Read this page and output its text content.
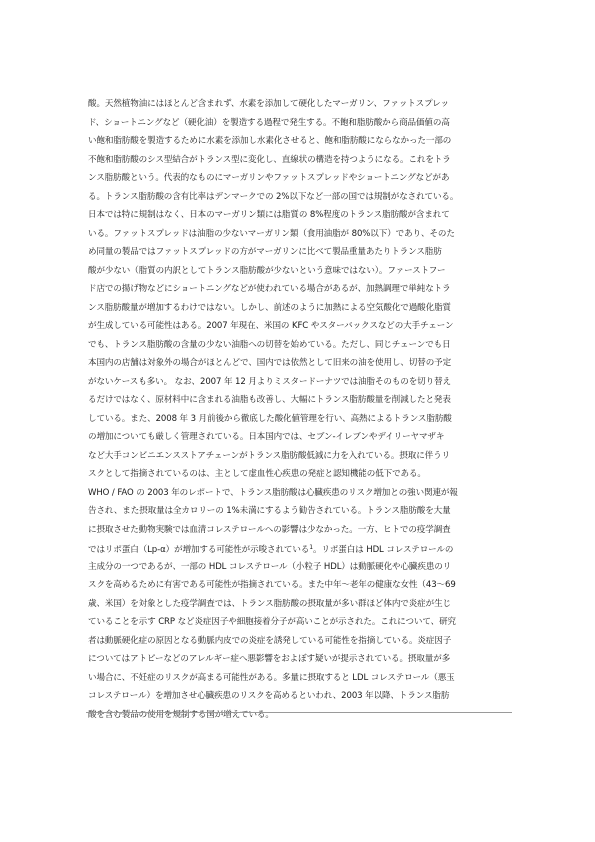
酸。天然植物油にはほとんど含まれず、水素を添加して硬化したマーガリン、ファットスプレッ
ド、ショートニングなど（硬化油）を製造する過程で発生する。不飽和脂肪酸から商品価値の高
い飽和脂肪酸を製造するために水素を添加し水素化させると、飽和脂肪酸にならなかった一部の
不飽和脂肪酸のシス型結合がトランス型に変化し、直線状の構造を持つようになる。これをトラ
ンス脂肪酸という。代表的なものにマーガリンやファットスプレッドやショートニングなどがあ
る。トランス脂肪酸の含有比率はデンマークでの 2%以下など一部の国では規制がなされている。
日本では特に規制はなく、日本のマーガリン類には脂質の 8%程度のトランス脂肪酸が含まれて
いる。ファットスプレッドは油脂の少ないマーガリン類（食用油脂が 80%以下）であり、そのた
め同量の製品ではファットスプレッドの方がマーガリンに比べて製品重量あたりトランス脂肪
酸が少ない（脂質の内訳としてトランス脂肪酸が少ないという意味ではない）。ファーストフー
ド店での揚げ物などにショートニングなどが使われている場合があるが、加熱調理で単純なトラ
ンス脂肪酸量が増加するわけではない。しかし、前述のように加熱による空気酸化で過酸化脂質
が生成している可能性はある。2007 年現在、米国の KFC やスターバックスなどの大手チェーン
でも、トランス脂肪酸の含量の少ない油脂への切替を始めている。ただし、同じチェーンでも日
本国内の店舗は対象外の場合がほとんどで、国内では依然として旧来の油を使用し、切替の予定
がないケースも多い。 なお、2007 年 12 月よりミスタードーナツでは油脂そのものを切り替え
るだけではなく、原材料中に含まれる油脂も改善し、大幅にトランス脂肪酸量を削減したと発表
している。また、2008 年 3 月前後から徹底した酸化値管理を行い、高熱によるトランス脂肪酸
の増加についても厳しく管理されている。日本国内では、セブン-イレブンやデイリーヤマザキ
など大手コンビニエンスストアチェーンがトランス脂肪酸低減に力を入れている。摂取に伴うリ
スクとして指摘されているのは、主として虚血性心疾患の発症と認知機能の低下である。
WHO / FAO の 2003 年のレポートで、トランス脂肪酸は心臓疾患のリスク増加との強い関連が報
告され、また摂取量は全カロリーの 1%未満にするよう勧告されている。トランス脂肪酸を大量
に摂取させた動物実験では血清コレステロールへの影響は少なかった。一方、ヒトでの疫学調査
ではリポ蛋白（Lp-α）が増加する可能性が示唆されている$^1$。リポ蛋白は HDL コレステロールの
主成分の一つであるが、一部の HDL コレステロール（小粒子 HDL）は動脈硬化や心臓疾患のリ
スクを高めるために有害である可能性が指摘されている。また中年～老年の健康な女性（43～69
歳、米国）を対象とした疫学調査では、トランス脂肪酸の摂取量が多い群ほど体内で炎症が生じ
ていることを示す CRP など炎症因子や細胞接着分子が高いことが示された。これについて、研究
者は動脈硬化症の原因となる動脈内皮での炎症を誘発している可能性を指摘している。炎症因子
についてはアトピーなどのアレルギー症へ悪影響をおよぼす疑いが提示されている。摂取量が多
い場合に、不妊症のリスクが高まる可能性がある。多量に摂取すると LDL コレステロール（悪玉
コレステロール）を増加させ心臓疾患のリスクを高めるといわれ、2003 年以降、トランス脂肪
酸を含む製品の使用を規制する国が増えている。
